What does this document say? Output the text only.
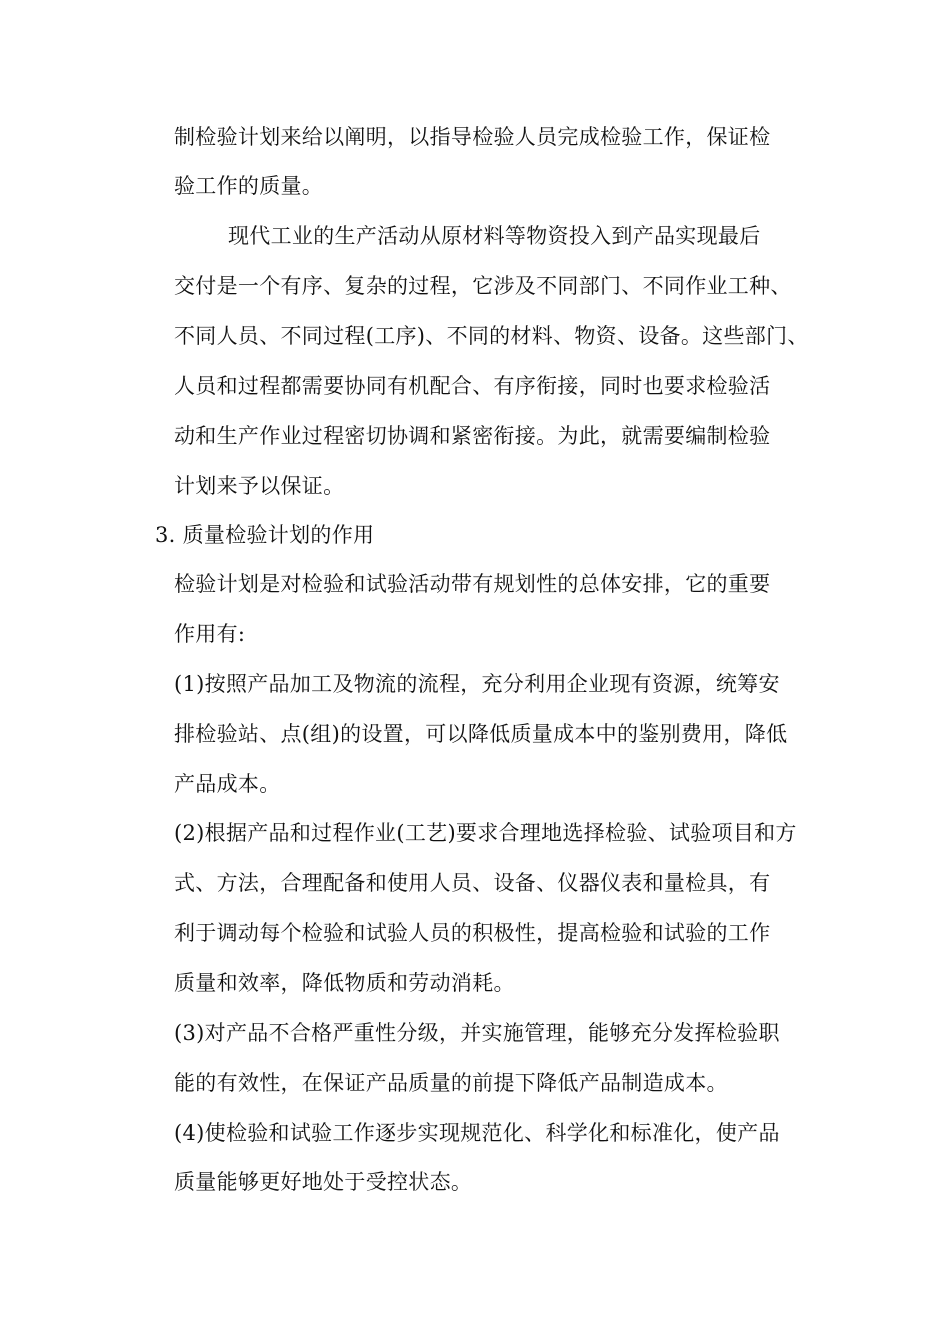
制检验计划来给以阐明，以指导检验人员完成检验工作，保证检
验工作的质量。
现代工业的生产活动从原材料等物资投入到产品实现最后
交付是一个有序、复杂的过程，它涉及不同部门、不同作业工种、
不同人员、不同过程(工序)、不同的材料、物资、设备。这些部门、
人员和过程都需要协同有机配合、有序衔接，同时也要求检验活
动和生产作业过程密切协调和紧密衔接。为此，就需要编制检验
计划来予以保证。
3. 质量检验计划的作用
检验计划是对检验和试验活动带有规划性的总体安排，它的重要
作用有:
(1)按照产品加工及物流的流程，充分利用企业现有资源，统筹安
排检验站、点(组)的设置，可以降低质量成本中的鉴别费用，降低
产品成本。
(2)根据产品和过程作业(工艺)要求合理地选择检验、试验项目和方
式、方法，合理配备和使用人员、设备、仪器仪表和量检具，有
利于调动每个检验和试验人员的积极性，提高检验和试验的工作
质量和效率，降低物质和劳动消耗。
(3)对产品不合格严重性分级，并实施管理，能够充分发挥检验职
能的有效性，在保证产品质量的前提下降低产品制造成本。
(4)使检验和试验工作逐步实现规范化、科学化和标准化，使产品
质量能够更好地处于受控状态。
